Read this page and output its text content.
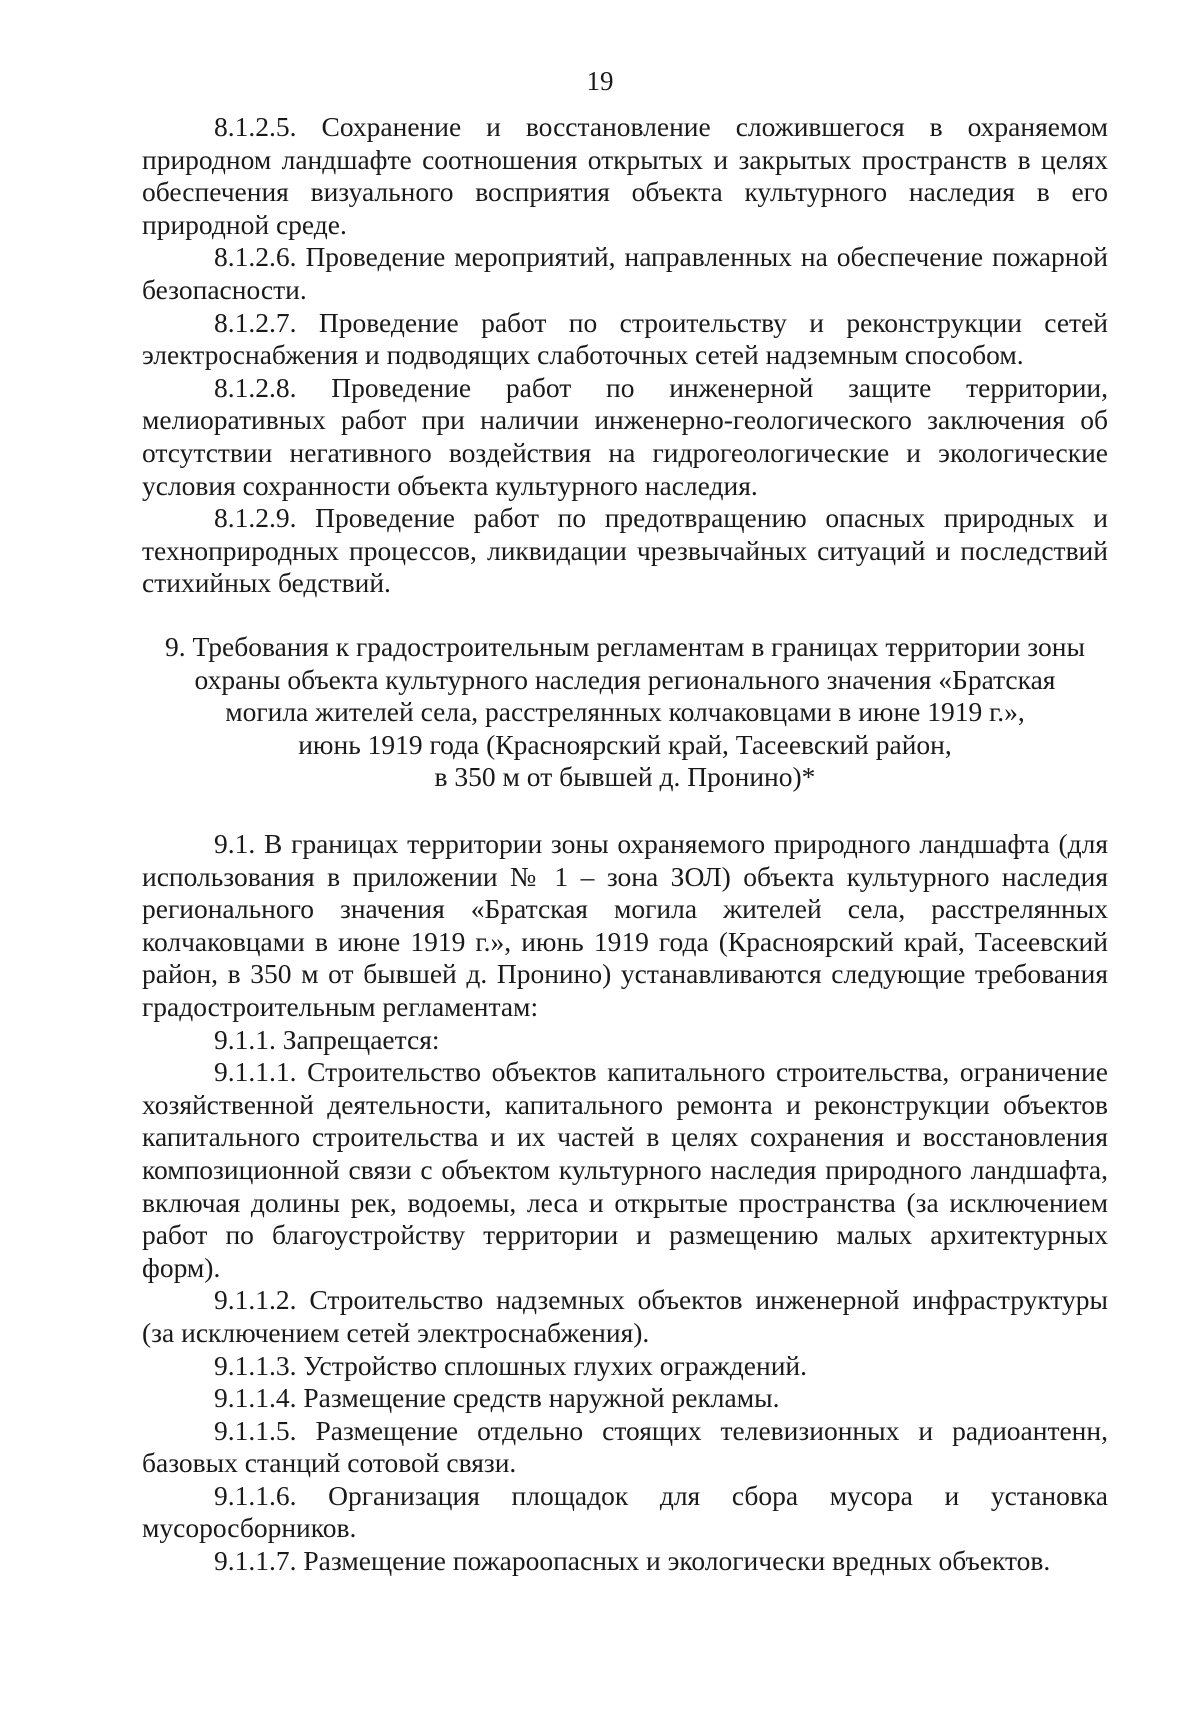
19

8.1.2.5. Сохранение и восстановление сложившегося в охраняемом природном ландшафте соотношения открытых и закрытых пространств в целях обеспечения визуального восприятия объекта культурного наследия в его природной среде.

8.1.2.6. Проведение мероприятий, направленных на обеспечение пожарной безопасности.

8.1.2.7. Проведение работ по строительству и реконструкции сетей электроснабжения и подводящих слаботочных сетей надземным способом.

8.1.2.8. Проведение работ по инженерной защите территории, мелиоративных работ при наличии инженерно-геологического заключения об отсутствии негативного воздействия на гидрогеологические и экологические условия сохранности объекта культурного наследия.

8.1.2.9. Проведение работ по предотвращению опасных природных и техноприродных процессов, ликвидации чрезвычайных ситуаций и последствий стихийных бедствий.

9. Требования к градостроительным регламентам в границах территории зоны
охраны объекта культурного наследия регионального значения «Братская
могила жителей села, расстрелянных колчаковцами в июне 1919 г.»,
июнь 1919 года (Красноярский край, Тасеевский район,
в 350 м от бывшей д. Пронино)*

9.1. В границах территории зоны охраняемого природного ландшафта (для использования в приложении № 1 – зона ЗОЛ) объекта культурного наследия регионального значения «Братская могила жителей села, расстрелянных колчаковцами в июне 1919 г.», июнь 1919 года (Красноярский край, Тасеевский район, в 350 м от бывшей д. Пронино) устанавливаются следующие требования градостроительным регламентам:

9.1.1. Запрещается:

9.1.1.1. Строительство объектов капитального строительства, ограничение хозяйственной деятельности, капитального ремонта и реконструкции объектов капитального строительства и их частей в целях сохранения и восстановления композиционной связи с объектом культурного наследия природного ландшафта, включая долины рек, водоемы, леса и открытые пространства (за исключением работ по благоустройству территории и размещению малых архитектурных форм).

9.1.1.2. Строительство надземных объектов инженерной инфраструктуры (за исключением сетей электроснабжения).

9.1.1.3. Устройство сплошных глухих ограждений.

9.1.1.4. Размещение средств наружной рекламы.

9.1.1.5. Размещение отдельно стоящих телевизионных и радиоантенн, базовых станций сотовой связи.

9.1.1.6. Организация площадок для сбора мусора и установка мусоросборников.

9.1.1.7. Размещение пожароопасных и экологически вредных объектов.
